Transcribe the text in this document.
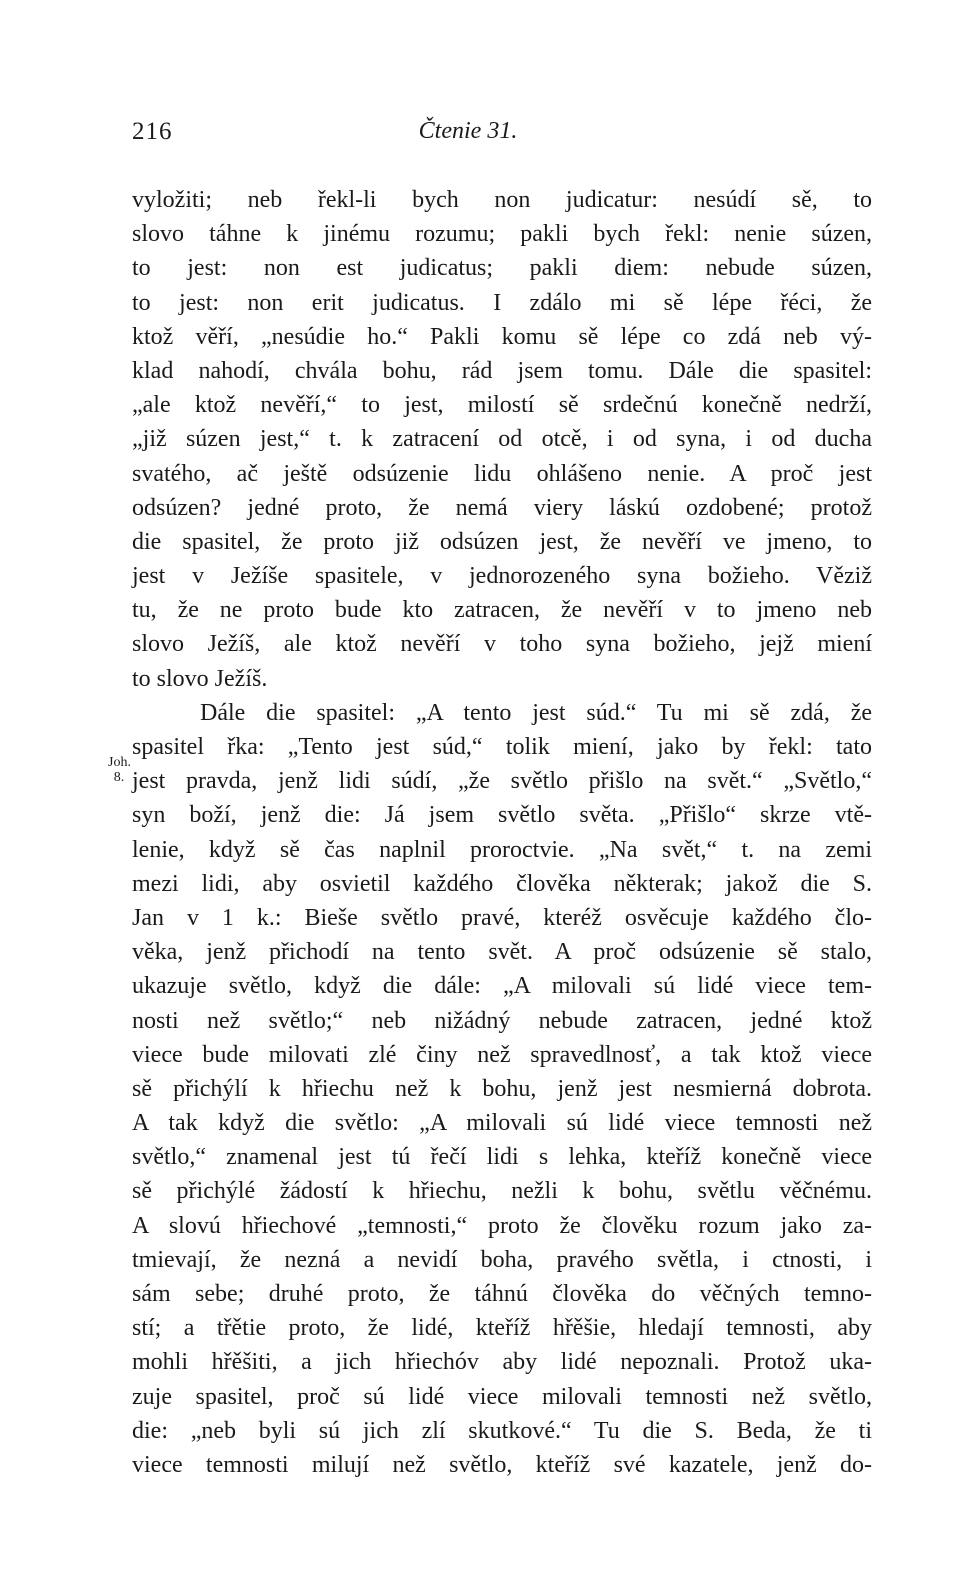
216	Čtenie 31.
Joh.
8.
vyložiti; neb řekl-li bych non judicatur: nesúdí sě, to
slovo táhne k jinému rozumu; pakli bych řekl: nenie súzen,
to jest: non est judicatus; pakli diem: nebude súzen,
to jest: non erit judicatus. I zdálo mi sě lépe řéci, že
ktož věří, „nesúdie ho.“ Pakli komu sě lépe co zdá neb vý-
klad nahodí, chvála bohu, rád jsem tomu. Dále die spasitel:
„ale ktož nevěří,“ to jest, milostí sě srdečnú konečně nedrží,
„již súzen jest,“ t. k zatracení od otcě, i od syna, i od ducha
svatého, ač ještě odsúzenie lidu ohlášeno nenie. A proč jest
odsúzen? jedné proto, že nemá viery láskú ozdobené; protož
die spasitel, že proto již odsúzen jest, že nevěří ve jmeno, to
jest v Ježíše spasitele, v jednorozeného syna božieho. Věziž
tu, že ne proto bude kto zatracen, že nevěří v to jmeno neb
slovo Ježíš, ale ktož nevěří v toho syna božieho, jejž miení
to slovo Ježíš.
Dále die spasitel: „A tento jest súd.“ Tu mi sě zdá, že
spasitel řka: „Tento jest súd,“ tolik miení, jako by řekl: tato
jest pravda, jenž lidi súdí, „že světlo přišlo na svět.“ „Světlo,“
syn boží, jenž die: Já jsem světlo světa. „Přišlo“ skrze vtě-
lenie, když sě čas naplnil proroctvie. „Na svět,“ t. na zemi
mezi lidi, aby osvietil každého člověka některak; jakož die S.
Jan v 1 k.: Bieše světlo pravé, kteréž osvěcuje každého člo-
věka, jenž přichodí na tento svět. A proč odsúzenie sě stalo,
ukazuje světlo, když die dále: „A milovali sú lidé viece tem-
nosti než světlo;“ neb nižádný nebude zatracen, jedné ktož
viece bude milovati zlé činy než spravedlnosť, a tak ktož viece
sě přichýlí k hřiechu než k bohu, jenž jest nesmierná dobrota.
A tak když die světlo: „A milovali sú lidé viece temnosti než
světlo,“ znamenal jest tú řečí lidi s lehka, kteříž konečně viece
sě přichýlé žádostí k hřiechu, nežli k bohu, světlu věčnému.
A slovú hřiechové „temnosti,“ proto že člověku rozum jako za-
tmievají, že nezná a nevidí boha, pravého světla, i ctnosti, i
sám sebe; druhé proto, že táhnú člověka do věčných temno-
stí; a třětie proto, že lidé, kteříž hřěšie, hledají temnosti, aby
mohli hřěšiti, a jich hřiechóv aby lidé nepoznali. Protož uka-
zuje spasitel, proč sú lidé viece milovali temnosti než světlo,
die: „neb byli sú jich zlí skutkové.“ Tu die S. Beda, že ti
viece temnosti milují než světlo, kteříž své kazatele, jenž do-
